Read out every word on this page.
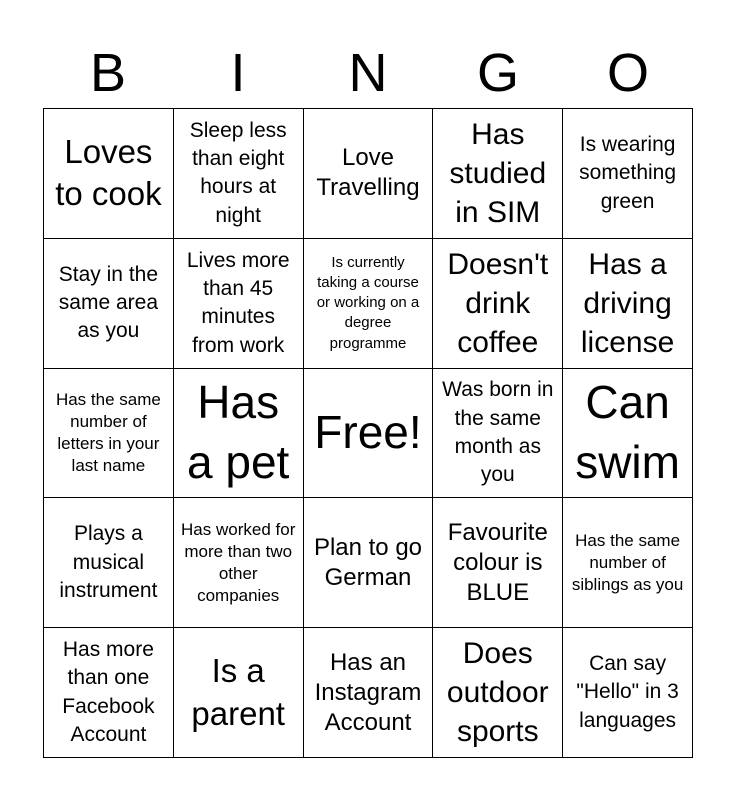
B	I	N	G	O
Loves to cook
Sleep less than eight hours at night
Love Travelling
Has studied in SIM
Is wearing something green
Stay in the same area as you
Lives more than 45 minutes from work
Is currently taking a course or working on a degree programme
Doesn't drink coffee
Has a driving license
Has the same number of letters in your last name
Has a pet
Free!
Was born in the same month as you
Can swim
Plays a musical instrument
Has worked for more than two other companies
Plan to go German
Favourite colour is BLUE
Has the same number of siblings as you
Has more than one Facebook Account
Is a parent
Has an Instagram Account
Does outdoor sports
Can say "Hello" in 3 languages
